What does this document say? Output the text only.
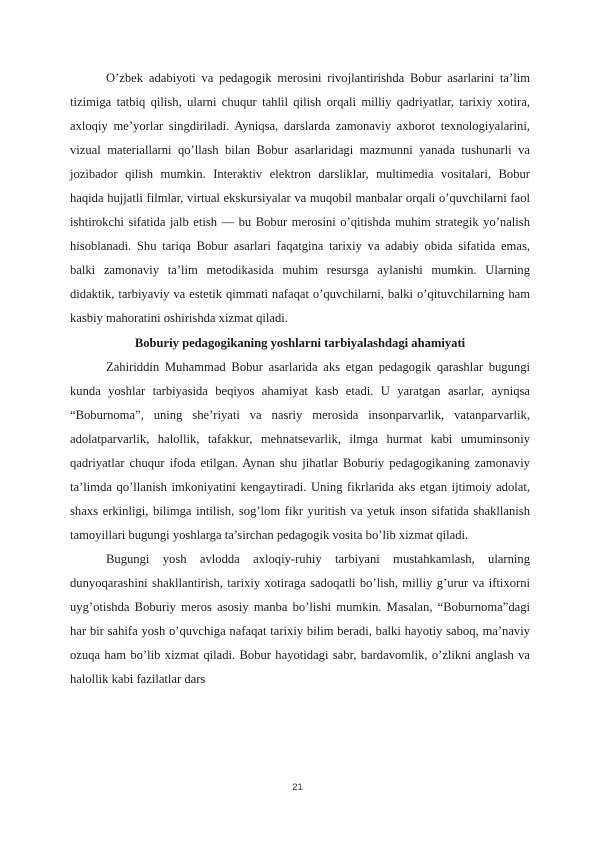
O’zbek adabiyoti va pedagogik merosini rivojlantirishda Bobur asarlarini ta’lim tizimiga tatbiq qilish, ularni chuqur tahlil qilish orqali milliy qadriyatlar, tarixiy xotira, axloqiy me’yorlar singdiriladi. Ayniqsa, darslarda zamonaviy axborot texnologiyalarini, vizual materiallarni qo’llash bilan Bobur asarlaridagi mazmunni yanada tushunarli va jozibador qilish mumkin. Interaktiv elektron darsliklar, multimedia vositalari, Bobur haqida hujjatli filmlar, virtual ekskursiyalar va muqobil manbalar orqali o’quvchilarni faol ishtirokchi sifatida jalb etish — bu Bobur merosini o’qitishda muhim strategik yo’nalish hisoblanadi. Shu tariqa Bobur asarlari faqatgina tarixiy va adabiy obida sifatida emas, balki zamonaviy ta’lim metodikasida muhim resursga aylanishi mumkin. Ularning didaktik, tarbiyaviy va estetik qimmati nafaqat o’quvchilarni, balki o’qituvchilarning ham kasbiy mahoratini oshirishda xizmat qiladi.

Boburiy pedagogikaning yoshlarni tarbiyalashdagi ahamiyati

Zahiriddin Muhammad Bobur asarlarida aks etgan pedagogik qarashlar bugungi kunda yoshlar tarbiyasida beqiyos ahamiyat kasb etadi. U yaratgan asarlar, ayniqsa “Boburnoma”, uning she’riyati va nasriy merosida insonparvarlik, vatanparvarlik, adolatparvarlik, halollik, tafakkur, mehnatsevarlik, ilmga hurmat kabi umuminsoniy qadriyatlar chuqur ifoda etilgan. Aynan shu jihatlar Boburiy pedagogikaning zamonaviy ta’limda qo’llanish imkoniyatini kengaytiradi. Uning fikrlarida aks etgan ijtimoiy adolat, shaxs erkinligi, bilimga intilish, sog’lom fikr yuritish va yetuk inson sifatida shakllanish tamoyillari bugungi yoshlarga ta’sirchan pedagogik vosita bo’lib xizmat qiladi.

Bugungi yosh avlodda axloqiy-ruhiy tarbiyani mustahkamlash, ularning dunyoqarashini shakllantirish, tarixiy xotiraga sadoqatli bo’lish, milliy g’urur va iftixorni uyg’otishda Boburiy meros asosiy manba bo’lishi mumkin. Masalan, “Boburnoma”dagi har bir sahifa yosh o’quvchiga nafaqat tarixiy bilim beradi, balki hayotiy saboq, ma’naviy ozuqa ham bo’lib xizmat qiladi. Bobur hayotidagi sabr, bardavomlik, o’zlikni anglash va halollik kabi fazilatlar dars

21
